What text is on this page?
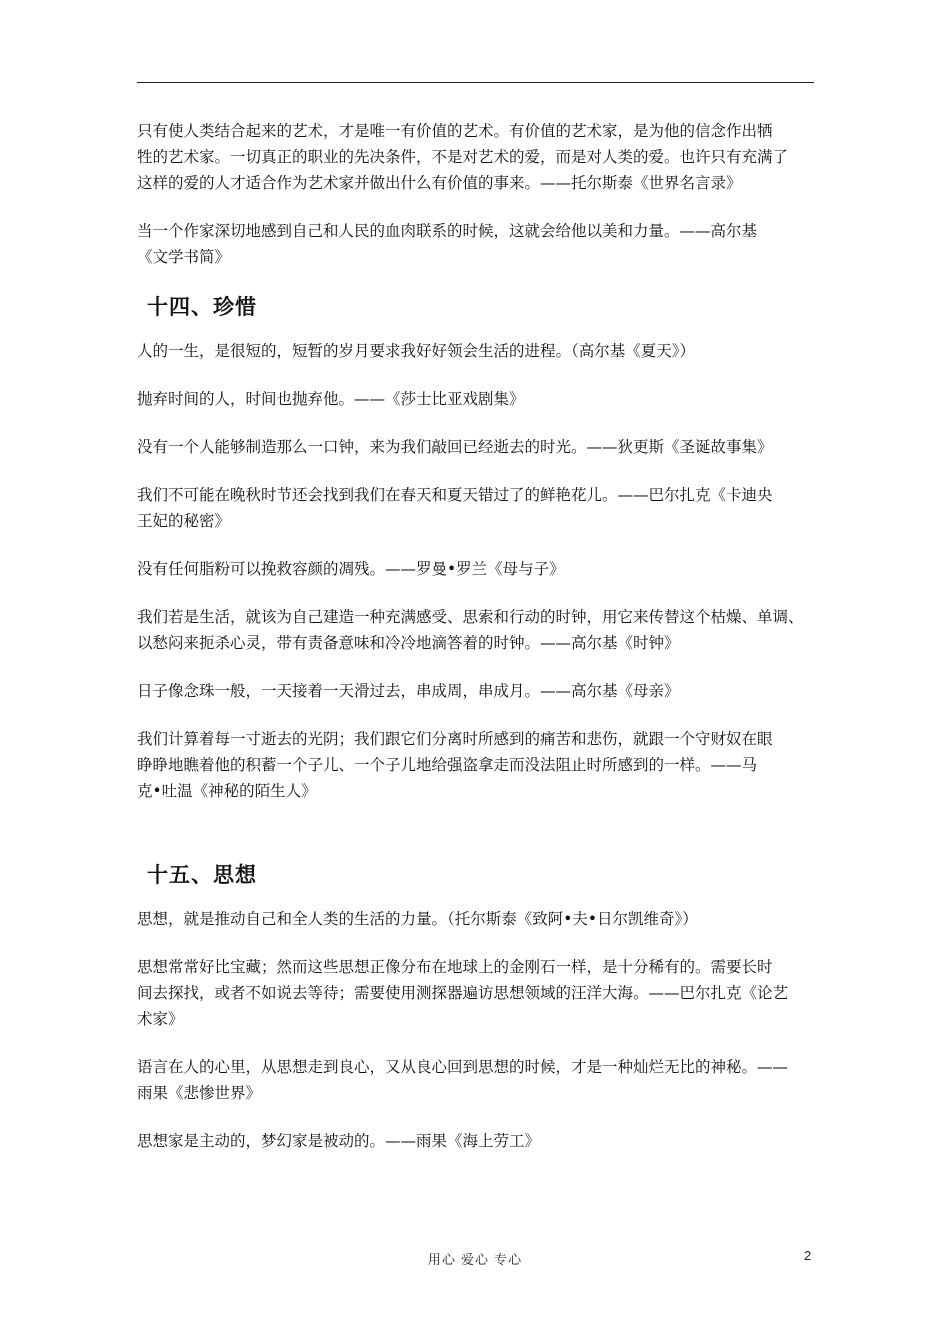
只有使人类结合起来的艺术，才是唯一有价值的艺术。有价值的艺术家，是为他的信念作出牺
牲的艺术家。一切真正的职业的先决条件，不是对艺术的爱，而是对人类的爱。也许只有充满了
这样的爱的人才适合作为艺术家并做出什么有价值的事来。——托尔斯泰《世界名言录》

当一个作家深切地感到自己和人民的血肉联系的时候，这就会给他以美和力量。——高尔基
《文学书简》

十四、珍惜

人的一生，是很短的，短暂的岁月要求我好好领会生活的进程。（高尔基《夏天》）

抛弃时间的人，时间也抛弃他。——《莎士比亚戏剧集》

没有一个人能够制造那么一口钟，来为我们敲回已经逝去的时光。——狄更斯《圣诞故事集》

我们不可能在晚秋时节还会找到我们在春天和夏天错过了的鲜艳花儿。——巴尔扎克《卡迪央
王妃的秘密》

没有任何脂粉可以挽救容颜的凋残。——罗曼•罗兰《母与子》

我们若是生活，就该为自己建造一种充满感受、思索和行动的时钟，用它来传替这个枯燥、单调、
以愁闷来扼杀心灵，带有责备意味和冷冷地滴答着的时钟。——高尔基《时钟》

日子像念珠一般，一天接着一天滑过去，串成周，串成月。——高尔基《母亲》

我们计算着每一寸逝去的光阴；我们跟它们分离时所感到的痛苦和悲伤，就跟一个守财奴在眼
睁睁地瞧着他的积蓄一个子儿、一个子儿地给强盗拿走而没法阻止时所感到的一样。——马
克•吐温《神秘的陌生人》

十五、思想

思想，就是推动自己和全人类的生活的力量。（托尔斯泰《致阿•夫•日尔凯维奇》）

思想常常好比宝藏；然而这些思想正像分布在地球上的金刚石一样，是十分稀有的。需要长时
间去探找，或者不如说去等待；需要使用测探器遍访思想领域的汪洋大海。——巴尔扎克《论艺
术家》

语言在人的心里，从思想走到良心，又从良心回到思想的时候，才是一种灿烂无比的神秘。——
雨果《悲惨世界》

思想家是主动的，梦幻家是被动的。——雨果《海上劳工》

用心 爱心 专心	2
